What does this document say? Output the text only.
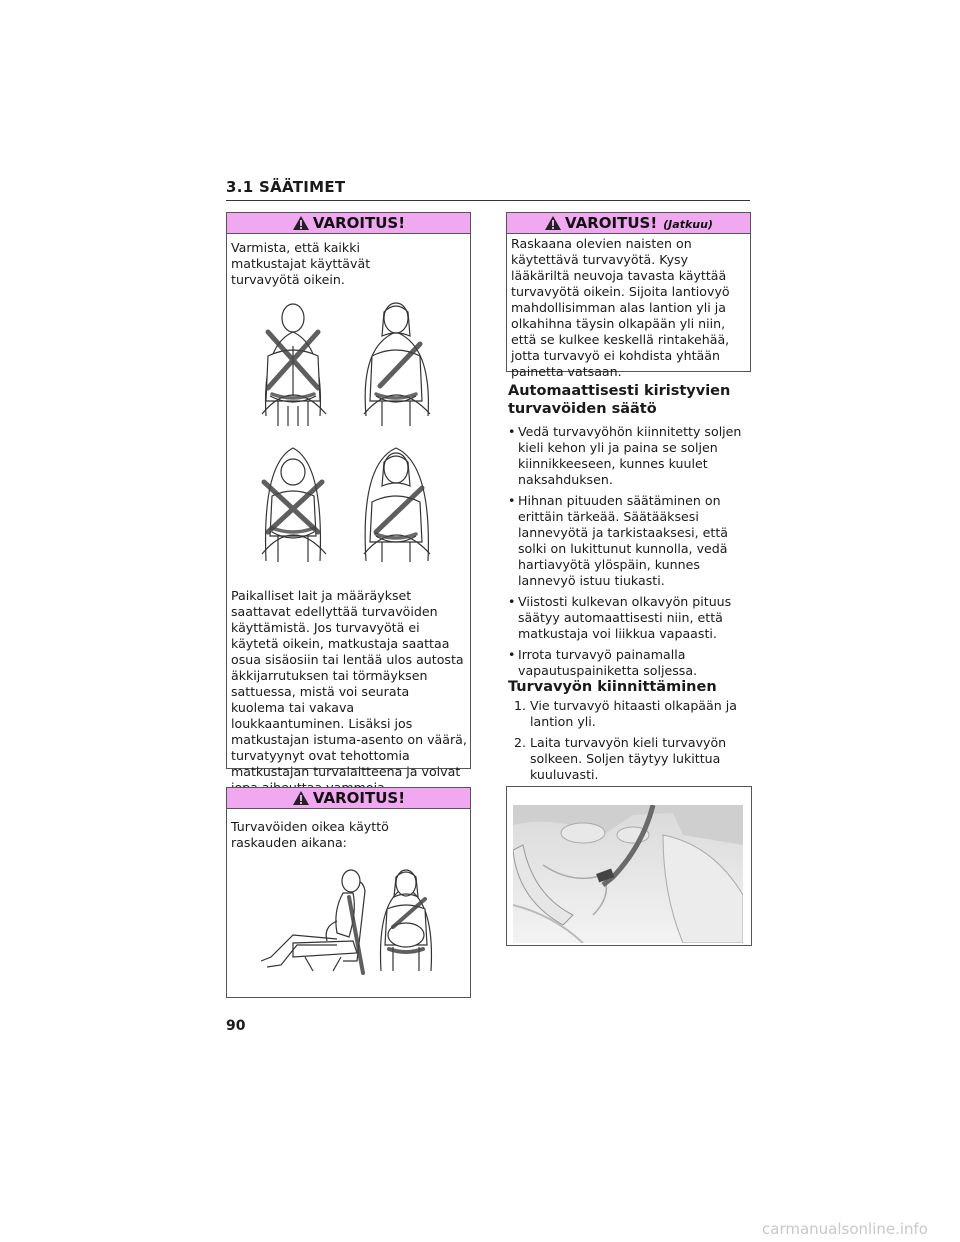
3.1 SÄÄTIMET
VAROITUS!

Varmista, että kaikki matkustajat käyttävät turvavyötä oikein.

Paikalliset lait ja määräykset saattavat edellyttää turvavöiden käyttämistä. Jos turvavyötä ei käytetä oikein, matkustaja saattaa osua sisäosiin tai lentää ulos autosta äkkijarrutuksen tai törmäyksen sattuessa, mistä voi seurata kuolema tai vakava loukkaantuminen. Lisäksi jos matkustajan istuma-asento on väärä, turvatyynyt ovat tehottomia matkustajan turvalaitteena ja voivat

VAROITUS!

Turvavöiden oikea käyttö raskauden aikana:

VAROITUS! (Jatkuu)

Raskaana olevien naisten on käytettävä turvavyötä. Kysy lääkäriltä neuvoja tavasta käyttää turvavyötä oikein. Sijoita lantiovyö mahdollisimman alas lantion yli ja olkahihna täysin olkapään yli niin, että se kulkee keskellä rintakehää, jotta turvavyö ei kohdista yhtään painetta vatsaan.

Automaattisesti kiristyvien
turvavöiden säätö
• Vedä turvavyöhön kiinnitetty soljen kieli kehon yli ja paina se soljen kiinnikkeeseen, kunnes kuulet naksahduksen.
• Hihnan pituuden säätäminen on erittäin tärkeää. Säätääksesi lannevyötä ja tarkistaaksesi, että solki on lukittunut kunnolla, vedä hartiavyötä ylöspäin, kunnes lannevyö istuu tiukasti.
• Viistosti kulkevan olkavyön pituus säätyy automaattisesti niin, että matkustaja voi liikkua vapaasti.
• Irrota turvavyö painamalla vapautuspainiketta soljessa.
Turvavyön kiinnittäminen
1. Vie turvavyö hitaasti olkapään ja lantion yli.
2. Laita turvavyön kieli turvavyön solkeen. Soljen täytyy lukittua kuuluvasti.
90
carmanualsonline.info
